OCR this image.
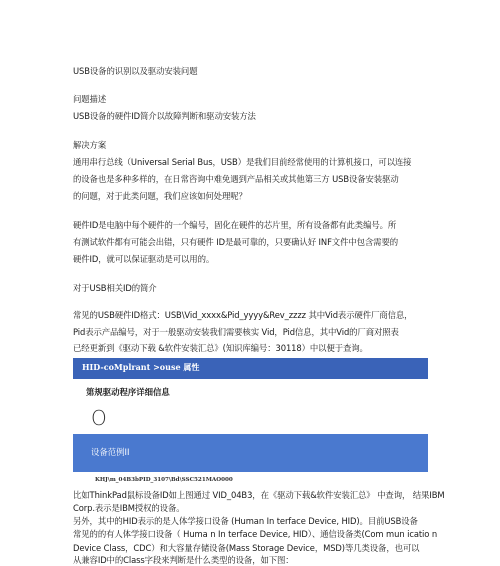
USB设备的识别以及驱动安装问题
问题描述
USB设备的硬件ID简介以故障判断和驱动安装方法
解决方案
通用串行总线（Universal Serial Bus，USB）是我们目前经常使用的计算机接口，可以连接
的设备也是多种多样的，在日常咨询中难免遇到产品相关或其他第三方 USB设备安装驱动
的问题，对于此类问题，我们应该如何处理呢？
硬件ID是电脑中每个硬件的一个编号，固化在硬件的芯片里，所有设备都有此类编号。所
有测试软件都有可能会出错，只有硬件 ID是最可靠的，只要确认好 INF文件中包含需要的
硬件ID，就可以保证驱动是可以用的。
对于USB相关ID的简介
常见的USB硬件ID格式：USB\Vid_xxxx&Pid_yyyy&Rev_zzzz 其中Vid表示硬件厂商信息，
Pid表示产品编号，对于一般驱动安装我们需要核实 Vid，Pid信息，其中Vid的厂商对照表
已经更新到《驱动下载 &软件安装汇总》(知识库编号：30118）中以便于查询。
HID-coMplrant >ouse 属性
第规驱动程序详细信息
O
设备范例II
KHJ\m_04B3bPID_3107\Bd\SSC521MAO000
比如ThinkPad鼠标设备ID如上图通过 VID_04B3，在《驱动下载&软件安装汇总》 中查询， 结果IBM
Corp.表示是IBM授权的设备。
另外，其中的HID表示的是人体学接口设备 (Human In terface Device, HID)。目前USB设备
常见的的有人体学接口设备（ Huma n In terface Device, HID）、通信设备类(Com mun icatio n
Device Class，CDC）和大容量存储设备(Mass Storage Device，MSD)等几类设备，也可以
从兼容ID中的Class字段来判断是什么类型的设备，如下图：
